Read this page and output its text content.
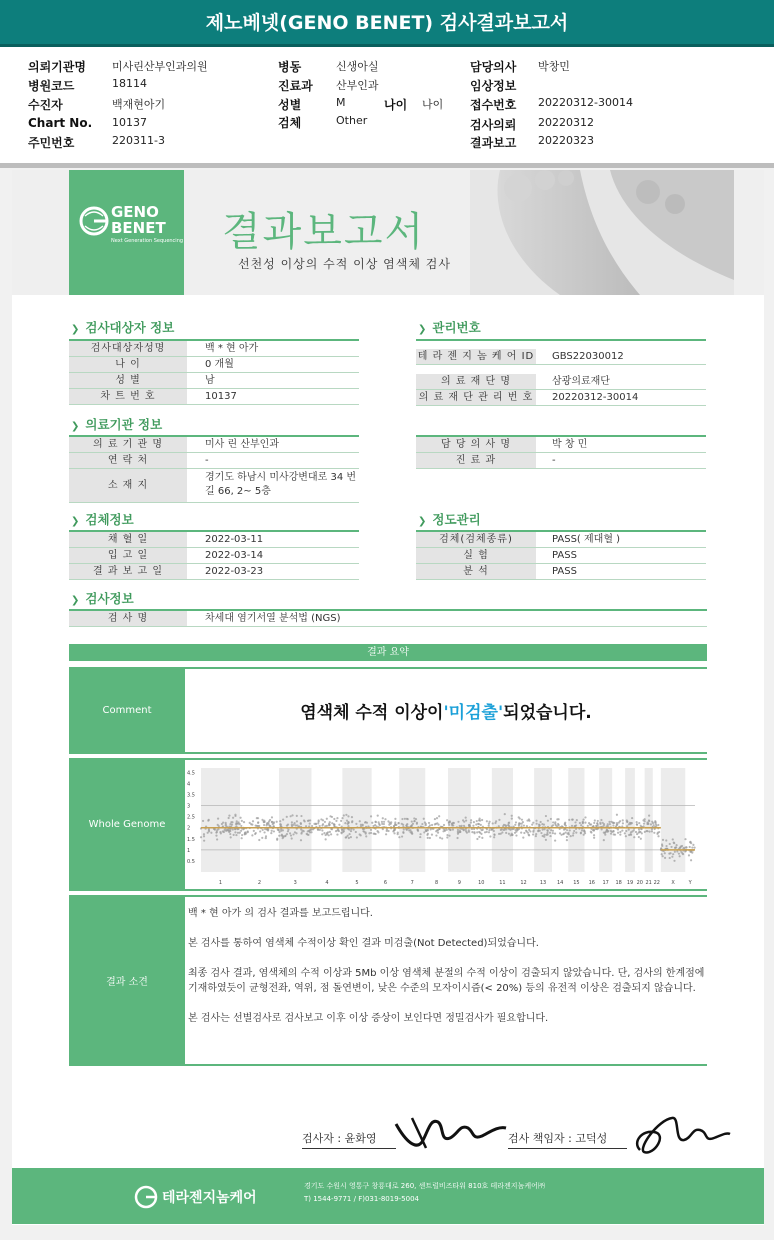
제노베넷(GENO BENET) 검사결과보고서
의뢰기관명 미사린산부인과의원
병원코드	18114
수진자	백재현아기
Chart No. 10137
주민번호	220311-3
병동	신생아실
진료과 산부인과
성별	M	나이 나이
검체	Other
담당의사 박창민
임상정보
접수번호 20220312-30014
검사의뢰 20220312
결과보고 20220323
GENO
BENET
Next Generation Sequencing 결과보고서
선천성 이상의 수적 이상 염색체 검사
❯ 검사대상자 정보
검사대상자성명	백 * 현 아가
나 이	0 개월
성 별	남
차 트 번 호	10137
❯ 관리번호
테 라 젠 지 놈 케 어 ID GBS22030012
의 료 재 단 명	삼광의료재단
의 료 재 단 관 리 번 호 20220312-30014
❯ 의료기관 정보
의 료 기 관 명	미사 린 산부인과
연 락 처	-
소 재 지
경기도 하남시 미사강변대로 34 번길 66, 2~ 5층
담 당 의 사 명	박 창 민
진 료 과	-
❯ 검체정보
채 혈 일	2022-03-11
입 고 일	2022-03-14
결 과 보 고 일	2022-03-23
❯ 정도관리
검체(검체종류)	PASS( 제대혈 )
실 험	PASS
분 석	PASS
❯ 검사정보
검 사 명	차세대 염기서열 분석법 (NGS)
결과 요약
Comment	염색체 수적 이상이 '미검출' 되었습니다.
Whole Genome
4.5
4
3.5
3
2.5
2
1.5
1
0.5
1	2	3	4	5	6	7	8	9	10	11	12	13 14 15 16 17 18 19 20 21 22 X	Y
결과 소견

백 * 현 아가 의 검사 결과를 보고드립니다.

본 검사를 통하여 염색체 수적이상 확인 결과 미검출(Not Detected)되었습니다.

최종 검사 결과, 염색체의 수적 이상과 5Mb 이상 염색체 분절의 수적 이상이 검출되지 않았습니다. 단, 검사의 한계점에 기재하였듯이 균형전좌, 역위, 점 돌연변이, 낮은 수준의 모자이시즘(< 20%) 등의 유전적 이상은 검출되지 않습니다.

본 검사는 선별검사로 검사보고 이후 이상 증상이 보인다면 정밀검사가 필요합니다.

검사자 : 윤화영	검사 책임자 : 고덕성
테라젠지놈케어
경기도 수원시 영통구 창룡대로 260, 센트럴비즈타워 810호 테라젠지놈케어㈜
T) 1544-9771 / F)031-8019-5004
